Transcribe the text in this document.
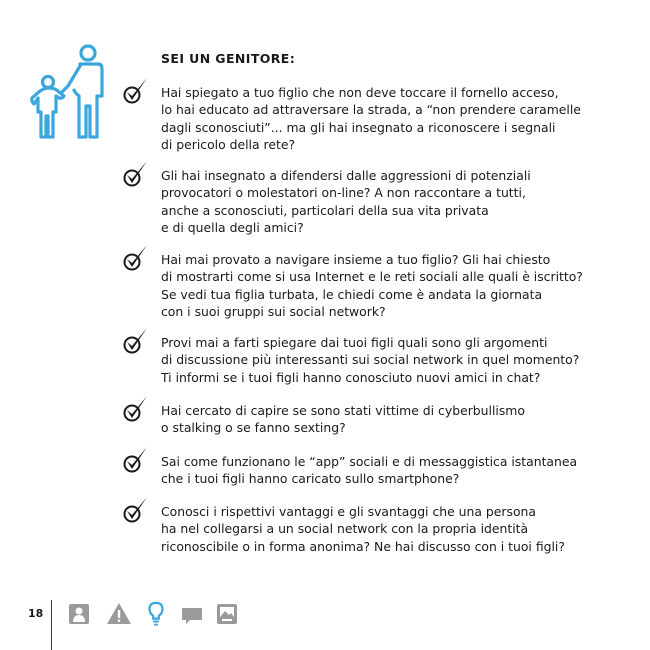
SEI UN GENITORE:

Hai spiegato a tuo figlio che non deve toccare il fornello acceso,
lo hai educato ad attraversare la strada, a “non prendere caramelle
dagli sconosciuti”... ma gli hai insegnato a riconoscere i segnali
di pericolo della rete?

Gli hai insegnato a difendersi dalle aggressioni di potenziali
provocatori o molestatori on-line? A non raccontare a tutti,
anche a sconosciuti, particolari della sua vita privata
e di quella degli amici?

Hai mai provato a navigare insieme a tuo figlio? Gli hai chiesto
di mostrarti come si usa Internet e le reti sociali alle quali è iscritto?
Se vedi tua figlia turbata, le chiedi come è andata la giornata
con i suoi gruppi sui social network?

Provi mai a farti spiegare dai tuoi figli quali sono gli argomenti
di discussione più interessanti sui social network in quel momento?
Ti informi se i tuoi figli hanno conosciuto nuovi amici in chat?

Hai cercato di capire se sono stati vittime di cyberbullismo
o stalking o se fanno sexting?

Sai come funzionano le “app” sociali e di messaggistica istantanea
che i tuoi figli hanno caricato sullo smartphone?

Conosci i rispettivi vantaggi e gli svantaggi che una persona
ha nel collegarsi a un social network con la propria identità
riconoscibile o in forma anonima? Ne hai discusso con i tuoi figli?

18
